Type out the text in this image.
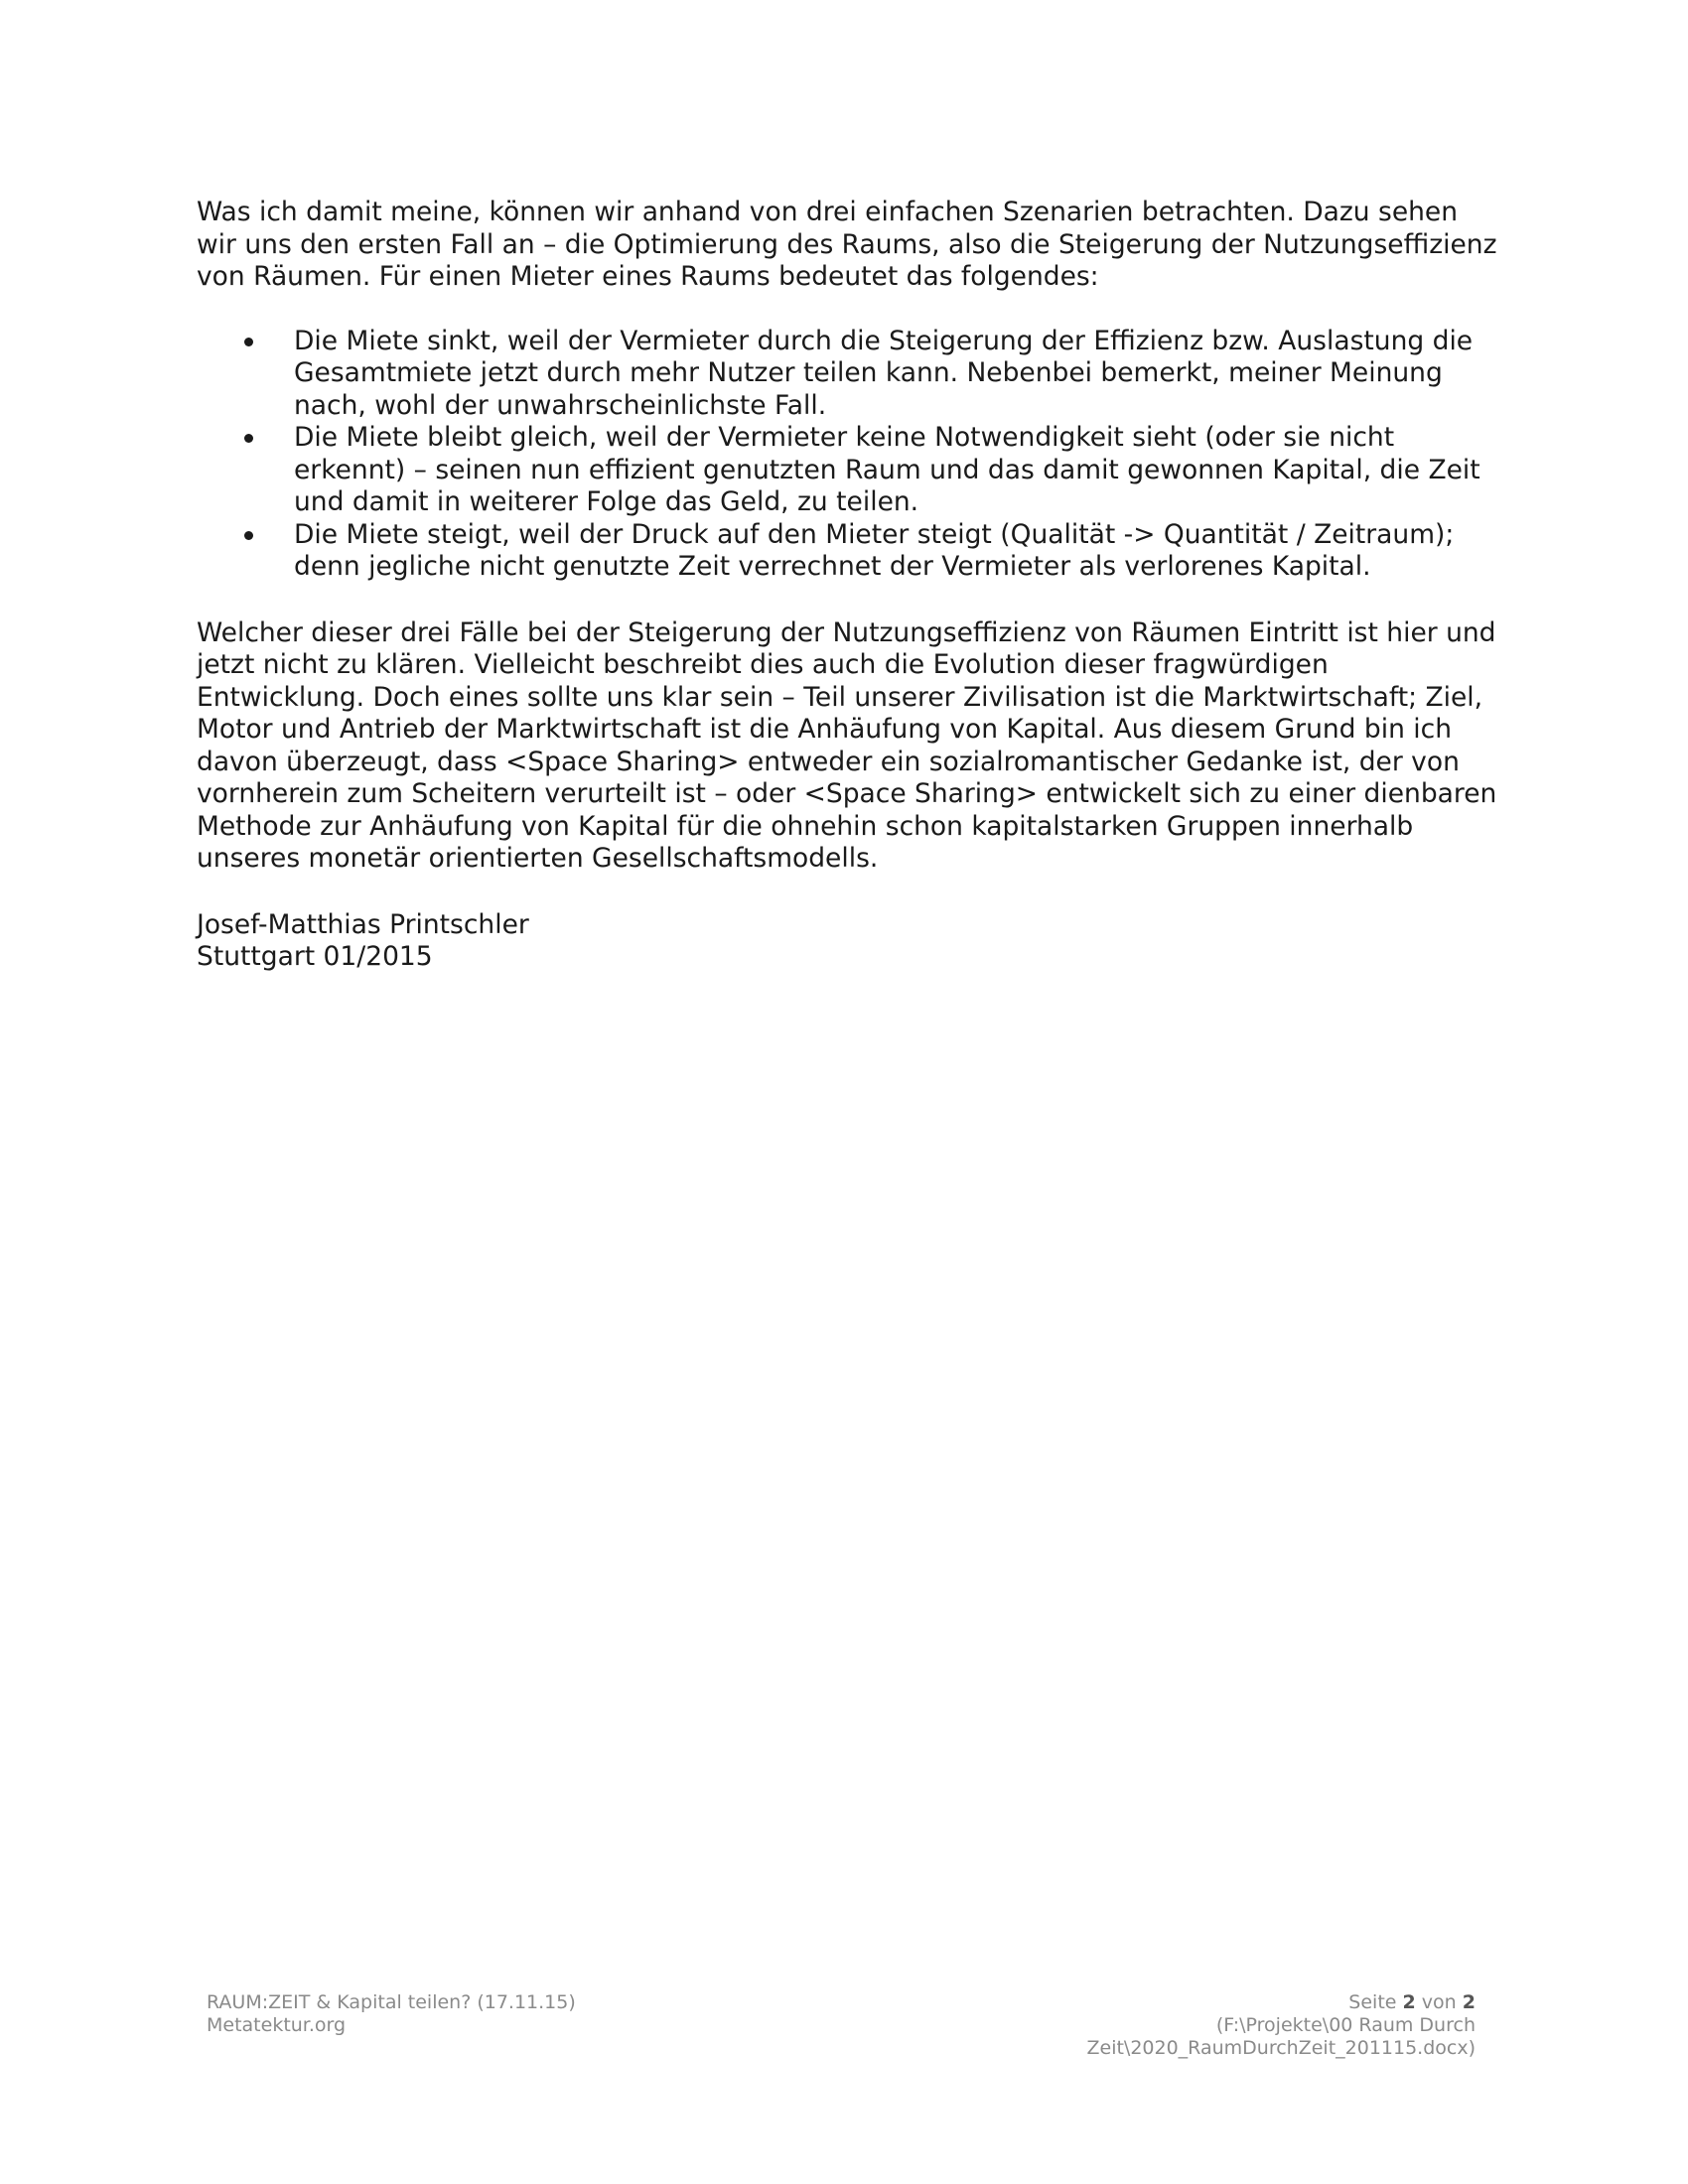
Was ich damit meine, können wir anhand von drei einfachen Szenarien betrachten. Dazu sehen wir uns den ersten Fall an – die Optimierung des Raums, also die Steigerung der Nutzungseffizienz von Räumen. Für einen Mieter eines Raums bedeutet das folgendes:

Die Miete sinkt, weil der Vermieter durch die Steigerung der Effizienz bzw. Auslastung die Gesamtmiete jetzt durch mehr Nutzer teilen kann. Nebenbei bemerkt, meiner Meinung nach, wohl der unwahrscheinlichste Fall.
Die Miete bleibt gleich, weil der Vermieter keine Notwendigkeit sieht (oder sie nicht erkennt) – seinen nun effizient genutzten Raum und das damit gewonnen Kapital, die Zeit und damit in weiterer Folge das Geld, zu teilen.
Die Miete steigt, weil der Druck auf den Mieter steigt (Qualität -> Quantität / Zeitraum); denn jegliche nicht genutzte Zeit verrechnet der Vermieter als verlorenes Kapital.

Welcher dieser drei Fälle bei der Steigerung der Nutzungseffizienz von Räumen Eintritt ist hier und jetzt nicht zu klären. Vielleicht beschreibt dies auch die Evolution dieser fragwürdigen Entwicklung. Doch eines sollte uns klar sein – Teil unserer Zivilisation ist die Marktwirtschaft; Ziel, Motor und Antrieb der Marktwirtschaft ist die Anhäufung von Kapital. Aus diesem Grund bin ich davon überzeugt, dass <Space Sharing> entweder ein sozialromantischer Gedanke ist, der von vornherein zum Scheitern verurteilt ist – oder <Space Sharing> entwickelt sich zu einer dienbaren Methode zur Anhäufung von Kapital für die ohnehin schon kapitalstarken Gruppen innerhalb unseres monetär orientierten Gesellschaftsmodells.

Josef-Matthias Printschler

Stuttgart 01/2015

RAUM:ZEIT & Kapital teilen? (17.11.15)

Metatektur.org

Seite 2 von 2

(F:\Projekte\00 Raum Durch

Zeit\2020_RaumDurchZeit_201115.docx)
